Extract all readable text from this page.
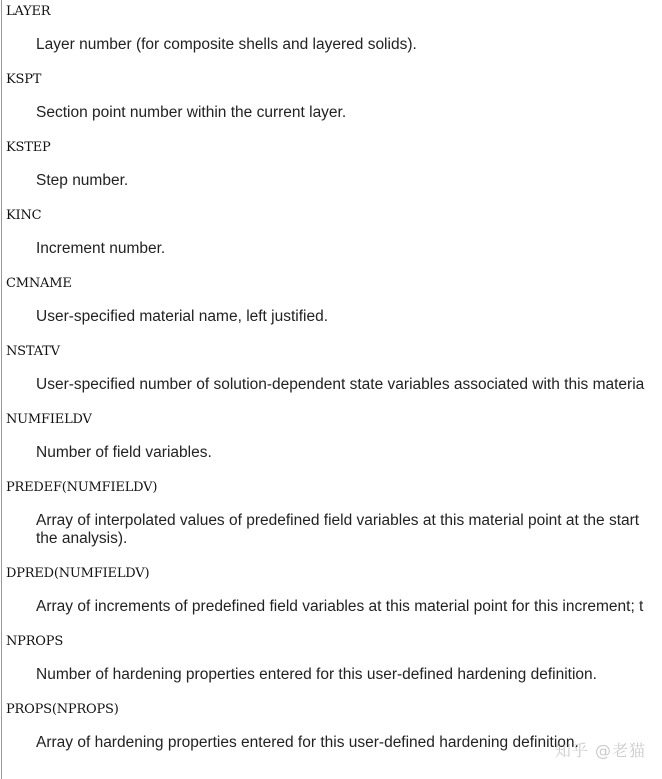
LAYER
Layer number (for composite shells and layered solids).
KSPT
Section point number within the current layer.
KSTEP
Step number.
KINC
Increment number.
CMNAME
User-specified material name, left justified.
NSTATV
User-specified number of solution-dependent state variables associated with this materia
NUMFIELDV
Number of field variables.
PREDEF(NUMFIELDV)
Array of interpolated values of predefined field variables at this material point at the start
the analysis).
DPRED(NUMFIELDV)
Array of increments of predefined field variables at this material point for this increment; t
NPROPS
Number of hardening properties entered for this user-defined hardening definition.
PROPS(NPROPS)
Array of hardening properties entered for this user-defined hardening definition.
知乎 @老猫
